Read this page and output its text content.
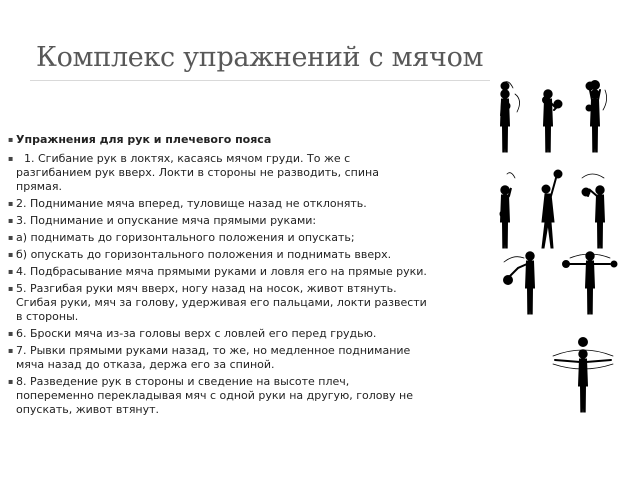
Комплекс упражнений с мячом
▪ Упражнения для рук и плечевого пояса
▪ 1. Сгибание рук в локтях, касаясь мячом груди. То же с разгибанием рук вверх. Локти в стороны не разводить, спина прямая.
▪ 2. Поднимание мяча вперед, туловище назад не отклонять.
▪ 3. Поднимание и опускание мяча прямыми руками:
▪ а) поднимать до горизонтального положения и опускать;
▪ б) опускать до горизонтального положения и поднимать вверх.
▪ 4. Подбрасывание мяча прямыми руками и ловля его на прямые руки.
▪ 5. Разгибая руки мяч вверх, ногу назад на носок, живот втянуть. Сгибая руки, мяч за голову, удерживая его пальцами, локти развести в стороны.
▪ 6. Броски мяча из-за головы верх с ловлей его перед грудью.
▪ 7. Рывки прямыми руками назад, то же, но медленное поднимание мяча назад до отказа, держа его за спиной.
▪ 8. Разведение рук в стороны и сведение на высоте плеч, попеременно перекладывая мяч с одной руки на другую, голову не опускать, живот втянут.
